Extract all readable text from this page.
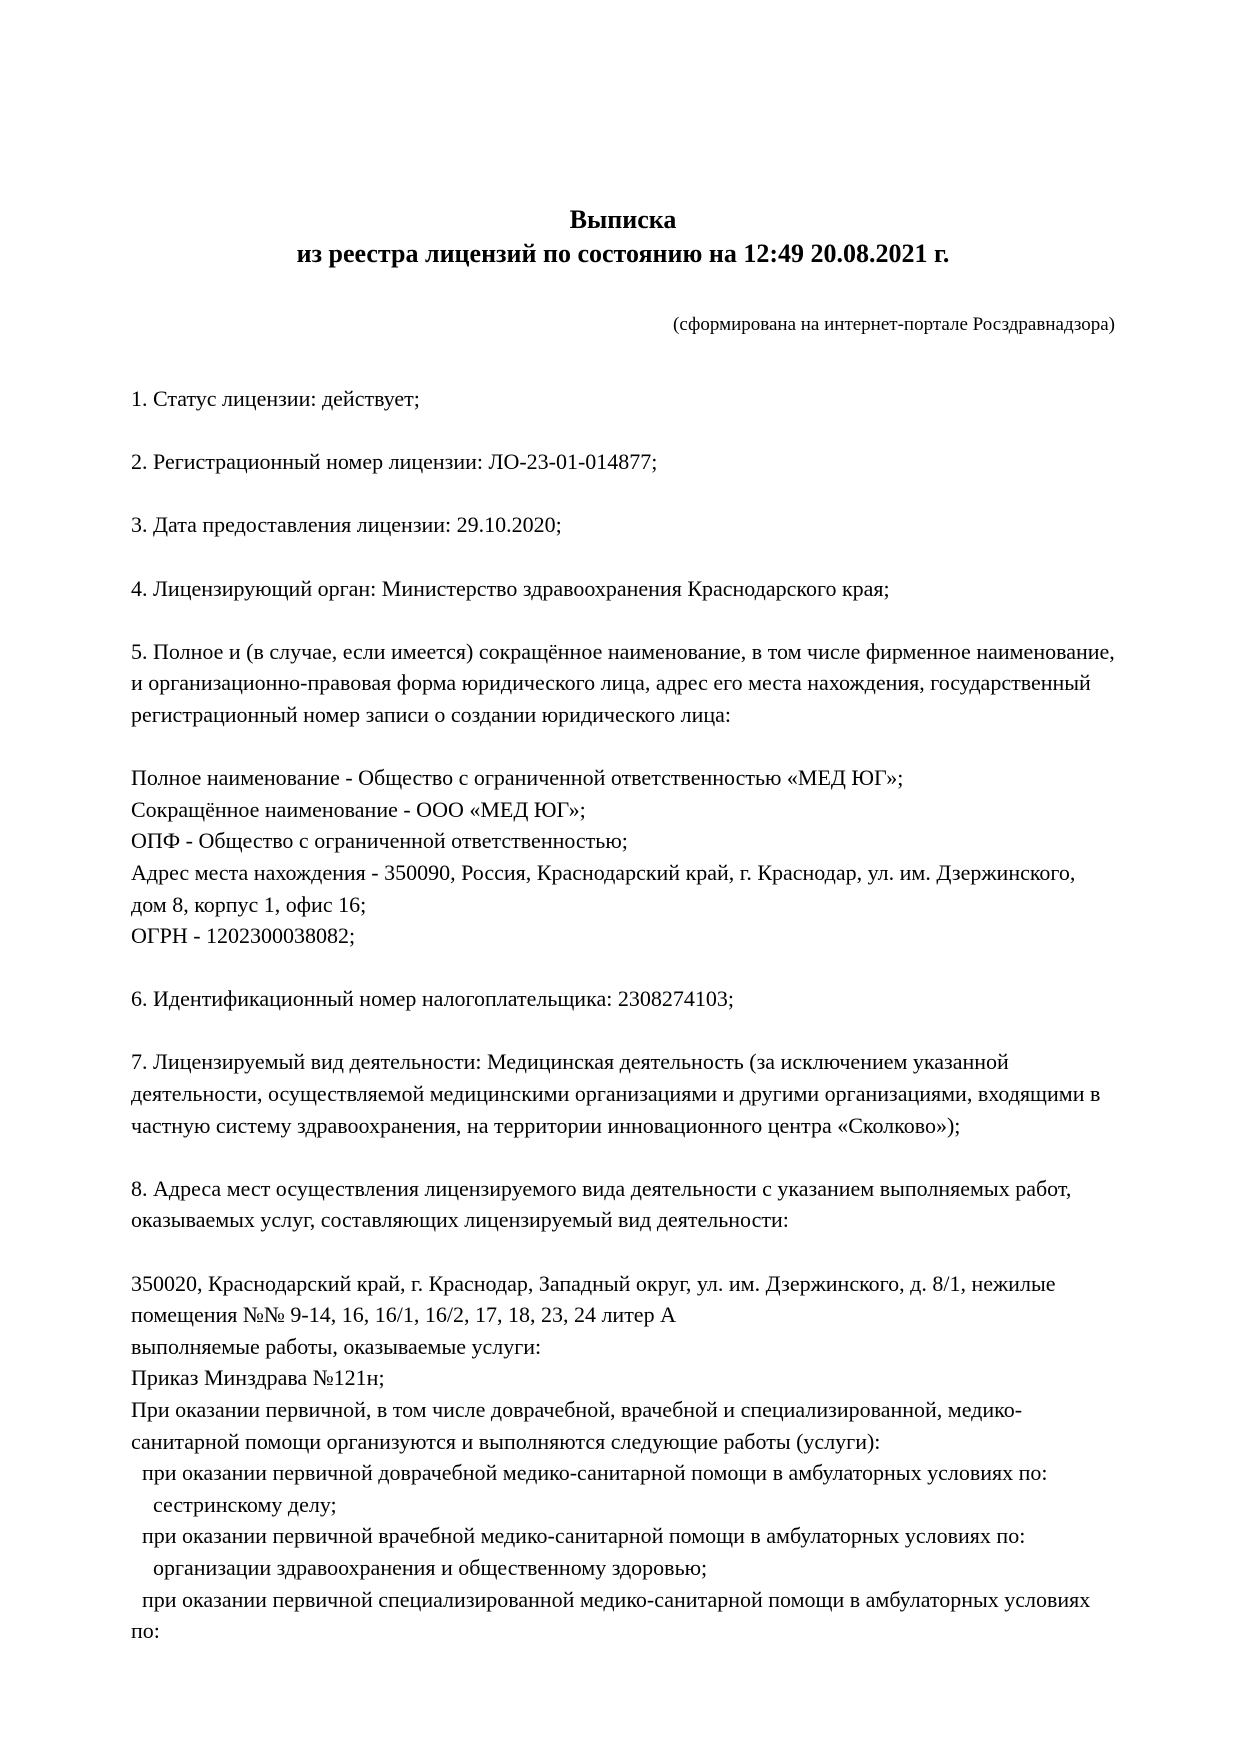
Выписка
из реестра лицензий по состоянию на 12:49 20.08.2021 г.
(сформирована на интернет-портале Росздравнадзора)
1. Статус лицензии: действует;
2. Регистрационный номер лицензии: ЛО-23-01-014877;
3. Дата предоставления лицензии: 29.10.2020;
4. Лицензирующий орган: Министерство здравоохранения Краснодарского края;
5. Полное и (в случае, если имеется) сокращённое наименование, в том числе фирменное наименование, и организационно-правовая форма юридического лица, адрес его места нахождения, государственный регистрационный номер записи о создании юридического лица:
Полное наименование - Общество с ограниченной ответственностью «МЕД ЮГ»;
Сокращённое наименование - ООО «МЕД ЮГ»;
ОПФ - Общество с ограниченной ответственностью;
Адрес места нахождения - 350090, Россия, Краснодарский край, г. Краснодар, ул. им. Дзержинского, дом 8, корпус 1, офис 16;
ОГРН - 1202300038082;
6. Идентификационный номер налогоплательщика: 2308274103;
7. Лицензируемый вид деятельности: Медицинская деятельность (за исключением указанной деятельности, осуществляемой медицинскими организациями и другими организациями, входящими в частную систему здравоохранения, на территории инновационного центра «Сколково»);
8. Адреса мест осуществления лицензируемого вида деятельности с указанием выполняемых работ, оказываемых услуг, составляющих лицензируемый вид деятельности:
350020, Краснодарский край, г. Краснодар, Западный округ, ул. им. Дзержинского, д. 8/1, нежилые помещения №№ 9-14, 16, 16/1, 16/2, 17, 18, 23, 24 литер А
выполняемые работы, оказываемые услуги:
Приказ Минздрава №121н;
При оказании первичной, в том числе доврачебной, врачебной и специализированной, медико-санитарной помощи организуются и выполняются следующие работы (услуги):
при оказании первичной доврачебной медико-санитарной помощи в амбулаторных условиях по:
сестринскому делу;
при оказании первичной врачебной медико-санитарной помощи в амбулаторных условиях по:
организации здравоохранения и общественному здоровью;
при оказании первичной специализированной медико-санитарной помощи в амбулаторных условиях по:
